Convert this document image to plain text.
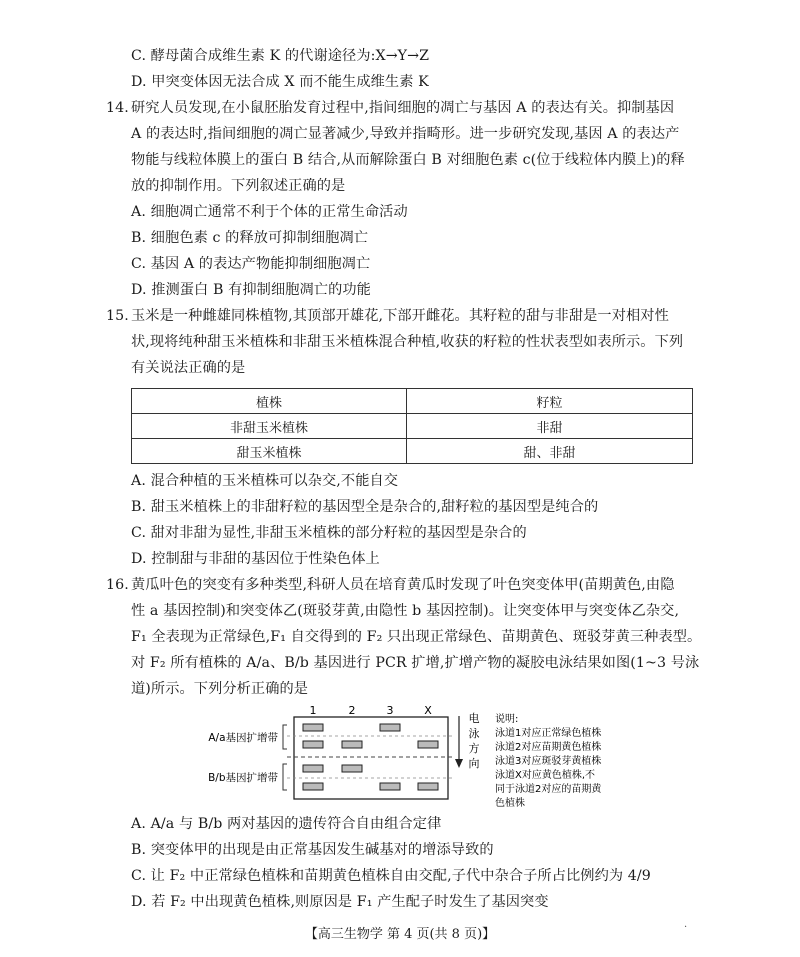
C. 酵母菌合成维生素 K 的代谢途径为:X→Y→Z
D. 甲突变体因无法合成 X 而不能生成维生素 K
14. 研究人员发现,在小鼠胚胎发育过程中,指间细胞的凋亡与基因 A 的表达有关。抑制基因
A 的表达时,指间细胞的凋亡显著减少,导致并指畸形。进一步研究发现,基因 A 的表达产
物能与线粒体膜上的蛋白 B 结合,从而解除蛋白 B 对细胞色素 c(位于线粒体内膜上)的释
放的抑制作用。下列叙述正确的是
A. 细胞凋亡通常不利于个体的正常生命活动
B. 细胞色素 c 的释放可抑制细胞凋亡
C. 基因 A 的表达产物能抑制细胞凋亡
D. 推测蛋白 B 有抑制细胞凋亡的功能
15. 玉米是一种雌雄同株植物,其顶部开雄花,下部开雌花。其籽粒的甜与非甜是一对相对性
状,现将纯种甜玉米植株和非甜玉米植株混合种植,收获的籽粒的性状表型如表所示。下列
有关说法正确的是
植株	籽粒
非甜玉米植株	非甜
甜玉米植株	甜、非甜
A. 混合种植的玉米植株可以杂交,不能自交
B. 甜玉米植株上的非甜籽粒的基因型全是杂合的,甜籽粒的基因型是纯合的
C. 甜对非甜为显性,非甜玉米植株的部分籽粒的基因型是杂合的
D. 控制甜与非甜的基因位于性染色体上
16. 黄瓜叶色的突变有多种类型,科研人员在培育黄瓜时发现了叶色突变体甲(苗期黄色,由隐
性 a 基因控制)和突变体乙(斑驳芽黄,由隐性 b 基因控制)。让突变体甲与突变体乙杂交,
F₁ 全表现为正常绿色,F₁ 自交得到的 F₂ 只出现正常绿色、苗期黄色、斑驳芽黄三种表型。
对 F₂ 所有植株的 A/a、B/b 基因进行 PCR 扩增,扩增产物的凝胶电泳结果如图(1~3 号泳
道)所示。下列分析正确的是
1	2	3	X
A/a基因扩增带
B/b基因扩增带
电
泳
方
向
说明:
泳道1对应正常绿色植株
泳道2对应苗期黄色植株
泳道3对应斑驳芽黄植株
泳道X对应黄色植株,不
同于泳道2对应的苗期黄
色植株
A. A/a 与 B/b 两对基因的遗传符合自由组合定律
B. 突变体甲的出现是由正常基因发生碱基对的增添导致的
C. 让 F₂ 中正常绿色植株和苗期黄色植株自由交配,子代中杂合子所占比例约为 4/9
D. 若 F₂ 中出现黄色植株,则原因是 F₁ 产生配子时发生了基因突变
【高三生物学 第 4 页(共 8 页)】	·
